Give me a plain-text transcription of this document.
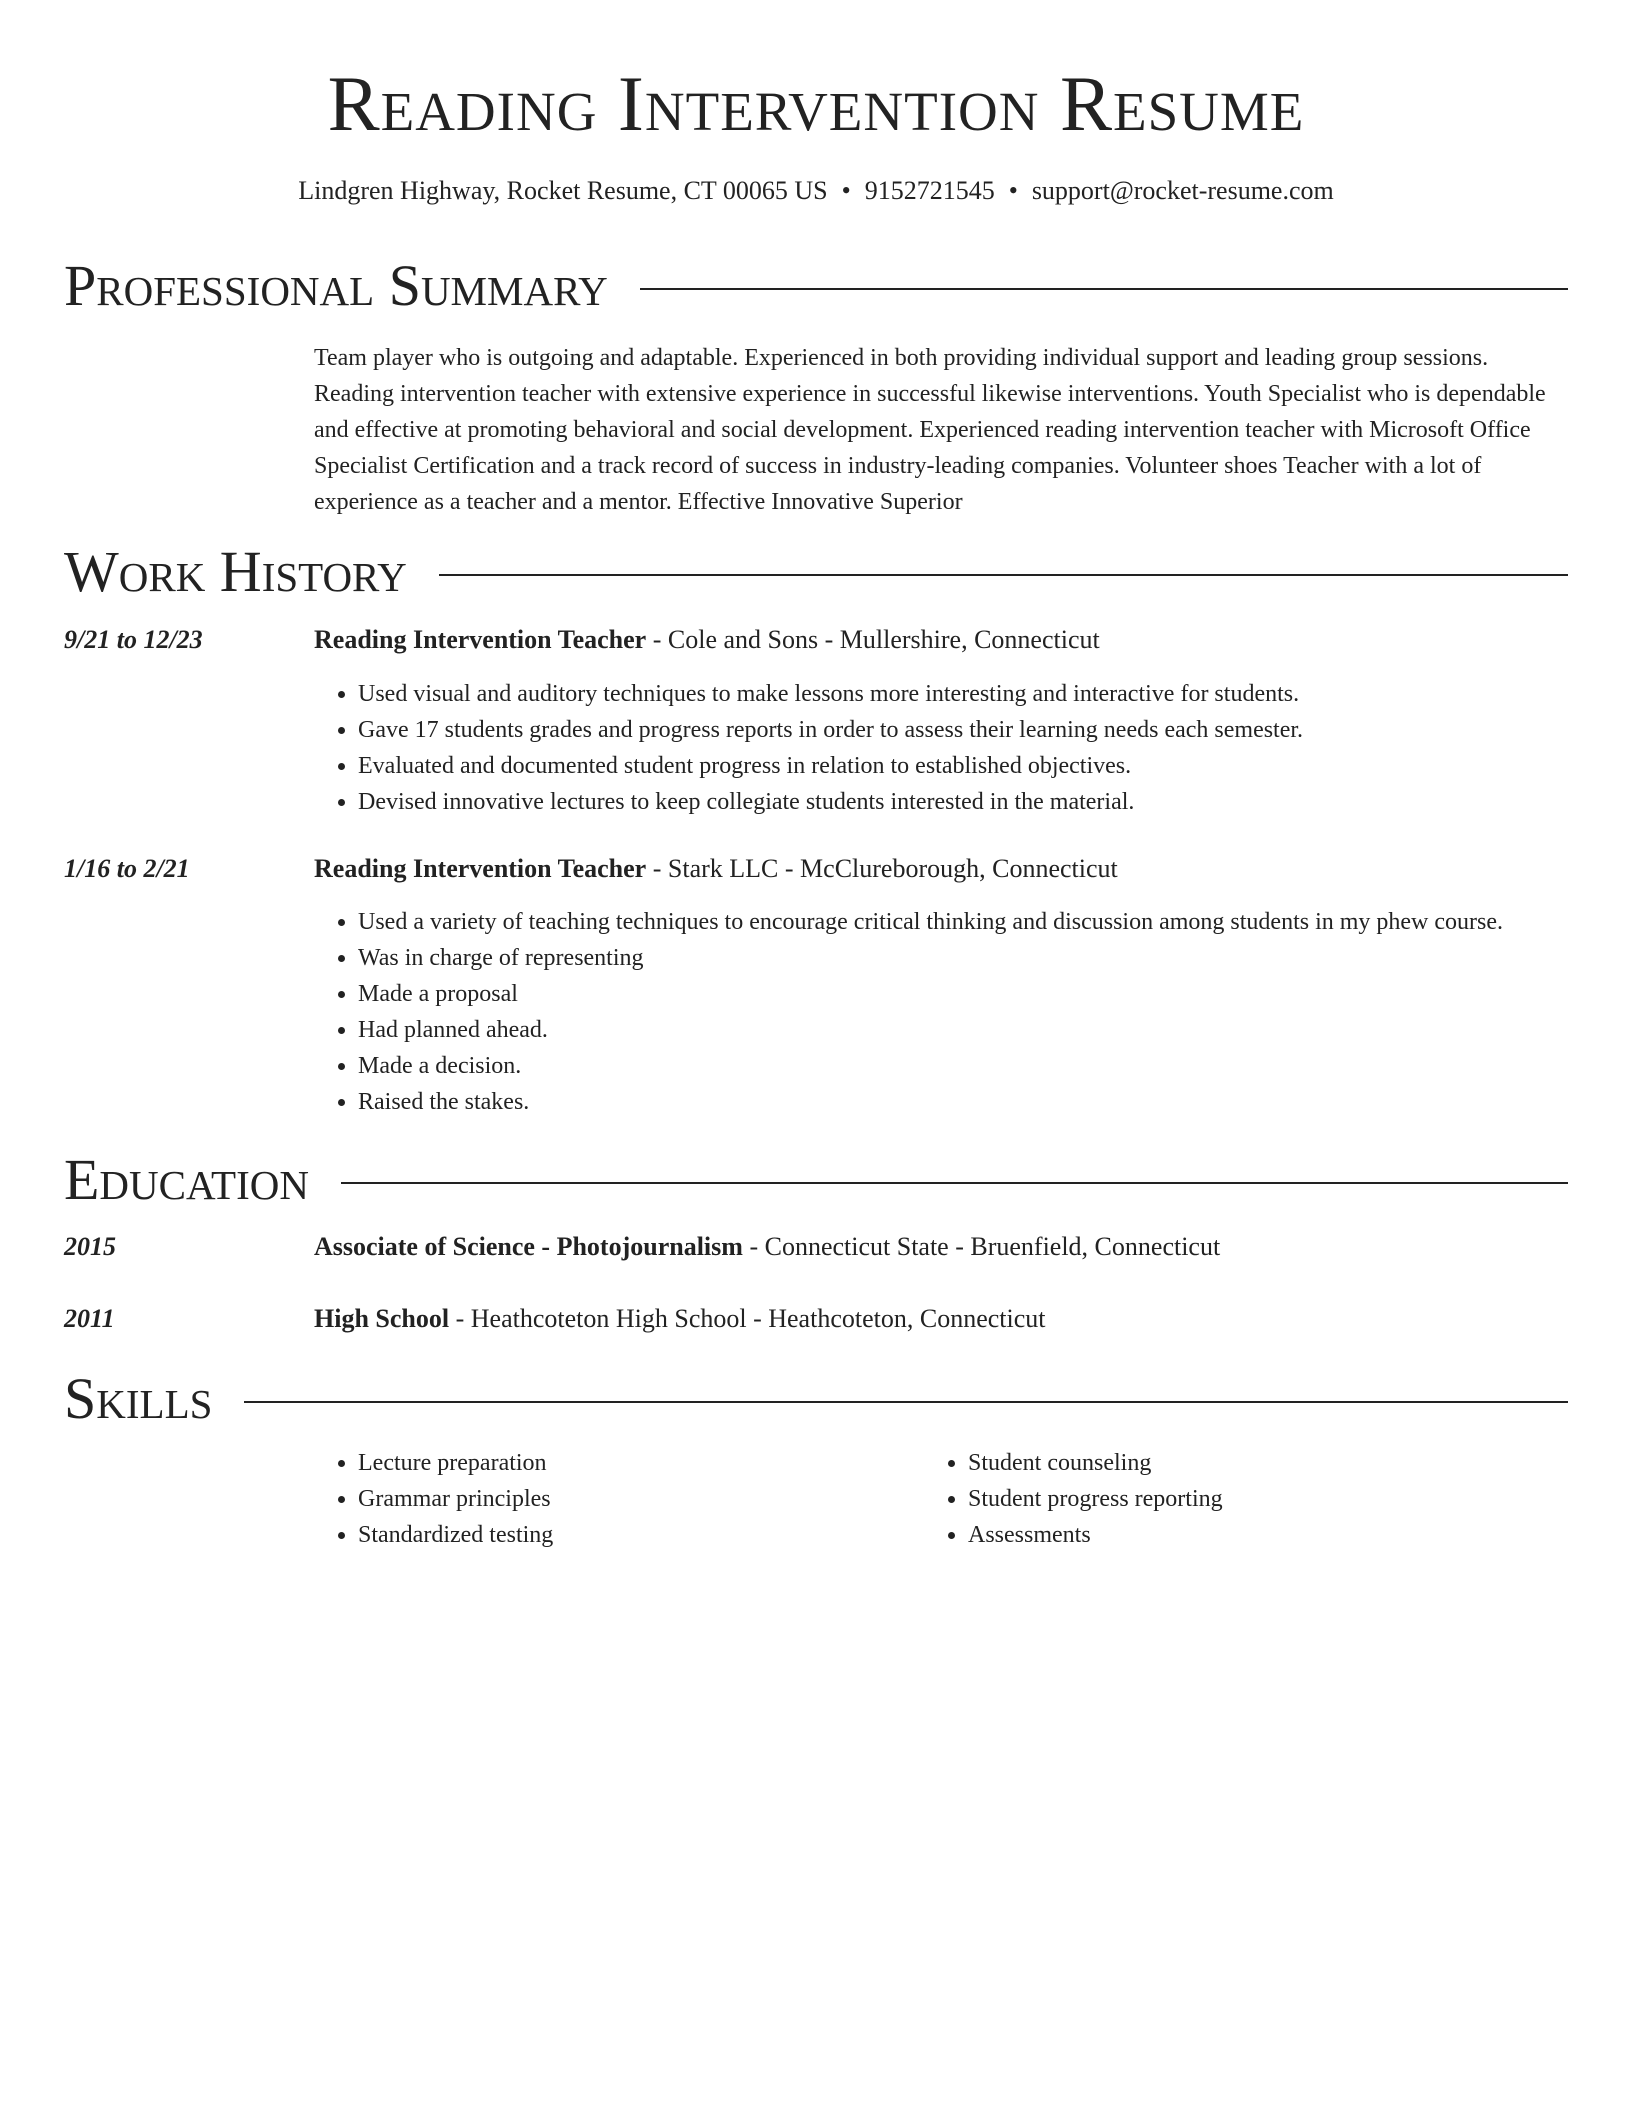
Reading Intervention Resume
Lindgren Highway, Rocket Resume, CT 00065 US • 9152721545 • support@rocket-resume.com
Professional Summary
Team player who is outgoing and adaptable. Experienced in both providing individual support and leading group sessions. Reading intervention teacher with extensive experience in successful likewise interventions. Youth Specialist who is dependable and effective at promoting behavioral and social development. Experienced reading intervention teacher with Microsoft Office Specialist Certification and a track record of success in industry-leading companies. Volunteer shoes Teacher with a lot of experience as a teacher and a mentor. Effective Innovative Superior
Work History
9/21 to 12/23	Reading Intervention Teacher - Cole and Sons - Mullershire, Connecticut
• Used visual and auditory techniques to make lessons more interesting and interactive for students.
• Gave 17 students grades and progress reports in order to assess their learning needs each semester.
• Evaluated and documented student progress in relation to established objectives.
• Devised innovative lectures to keep collegiate students interested in the material.
1/16 to 2/21	Reading Intervention Teacher - Stark LLC - McClureborough, Connecticut
• Used a variety of teaching techniques to encourage critical thinking and discussion among students in my phew course.
• Was in charge of representing
• Made a proposal
• Had planned ahead.
• Made a decision.
• Raised the stakes.
Education
2015	Associate of Science - Photojournalism - Connecticut State - Bruenfield, Connecticut
2011	High School - Heathcoteton High School - Heathcoteton, Connecticut
Skills
• Lecture preparation
• Grammar principles
• Standardized testing
• Student counseling
• Student progress reporting
• Assessments
